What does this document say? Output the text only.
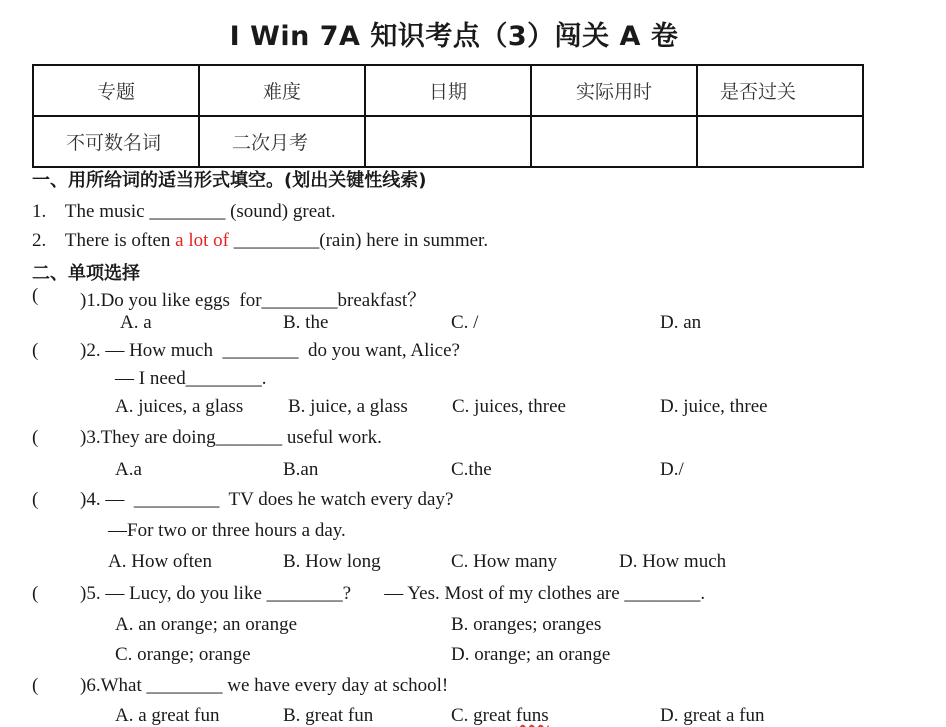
I Win 7A 知识考点（3）闯关 A 卷
专题	难度	日期	实际用时	是否过关
不可数名词	二次月考			
一、用所给词的适当形式填空。(划出关键性线索)
1.    The music ________ (sound) great.
2.    There is often a lot of _________(rain) here in summer.
二、单项选择
( )1.Do you like eggs  for________breakfast？
A. a	B. the	C. /	D. an
( )2. — How much  ________  do you want, Alice?
— I need________.
A. juices, a glass B. juice, a glass C. juices, three	D. juice, three
( )3.They are doing_______ useful work.
A.a	B.an	C.the	D./
( )4. —  _________  TV does he watch every day?
—For two or three hours a day.
A. How often	B. How long	C. How many	D. How much
( )5. — Lucy, do you like ________?       — Yes. Most of my clothes are ________.
A. an orange; an orange	B. oranges; oranges
C. orange; orange	D. orange; an orange
( )6.What ________ we have every day at school!
A. a great fun	B. great fun	C. great funs	D. great a fun
